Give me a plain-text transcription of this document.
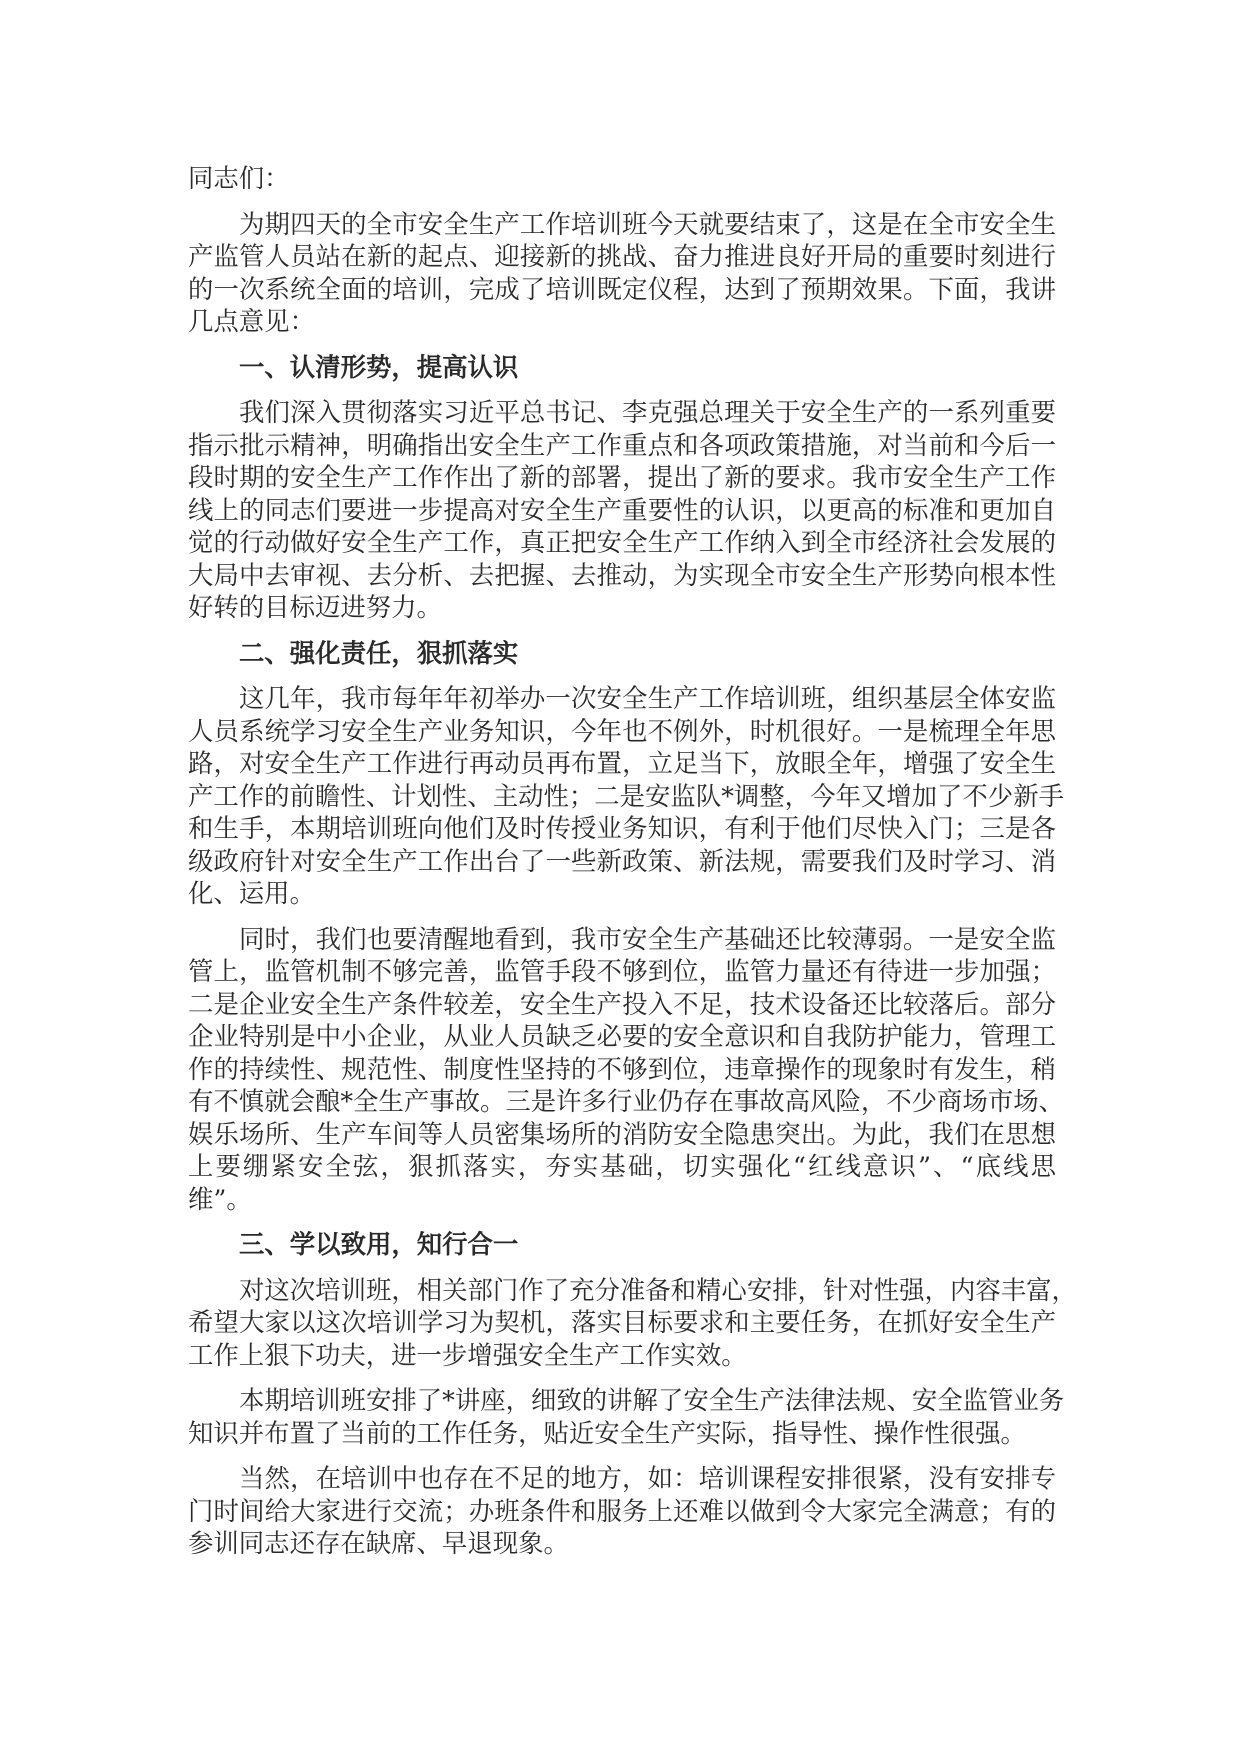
同志们：
为期四天的全市安全生产工作培训班今天就要结束了，这是在全市安全生
产监管人员站在新的起点、迎接新的挑战、奋力推进良好开局的重要时刻进行
的一次系统全面的培训，完成了培训既定仪程，达到了预期效果。下面，我讲
几点意见：
一、认清形势，提高认识
我们深入贯彻落实习近平总书记、李克强总理关于安全生产的一系列重要
指示批示精神，明确指出安全生产工作重点和各项政策措施，对当前和今后一
段时期的安全生产工作作出了新的部署，提出了新的要求。我市安全生产工作
线上的同志们要进一步提高对安全生产重要性的认识，以更高的标准和更加自
觉的行动做好安全生产工作，真正把安全生产工作纳入到全市经济社会发展的
大局中去审视、去分析、去把握、去推动，为实现全市安全生产形势向根本性
好转的目标迈进努力。
二、强化责任，狠抓落实
这几年，我市每年年初举办一次安全生产工作培训班，组织基层全体安监
人员系统学习安全生产业务知识，今年也不例外，时机很好。一是梳理全年思
路，对安全生产工作进行再动员再布置，立足当下，放眼全年，增强了安全生
产工作的前瞻性、计划性、主动性；二是安监队*调整，今年又增加了不少新手
和生手，本期培训班向他们及时传授业务知识，有利于他们尽快入门；三是各
级政府针对安全生产工作出台了一些新政策、新法规，需要我们及时学习、消
化、运用。
同时，我们也要清醒地看到，我市安全生产基础还比较薄弱。一是安全监
管上，监管机制不够完善，监管手段不够到位，监管力量还有待进一步加强；
二是企业安全生产条件较差，安全生产投入不足，技术设备还比较落后。部分
企业特别是中小企业，从业人员缺乏必要的安全意识和自我防护能力，管理工
作的持续性、规范性、制度性坚持的不够到位，违章操作的现象时有发生，稍
有不慎就会酿*全生产事故。三是许多行业仍存在事故高风险，不少商场市场、
娱乐场所、生产车间等人员密集场所的消防安全隐患突出。为此，我们在思想
上要绷紧安全弦，狠抓落实，夯实基础，切实强化“红线意识”、“底线思
维”。
三、学以致用，知行合一
对这次培训班，相关部门作了充分准备和精心安排，针对性强，内容丰富，
希望大家以这次培训学习为契机，落实目标要求和主要任务，在抓好安全生产
工作上狠下功夫，进一步增强安全生产工作实效。
本期培训班安排了*讲座，细致的讲解了安全生产法律法规、安全监管业务
知识并布置了当前的工作任务，贴近安全生产实际，指导性、操作性很强。
当然，在培训中也存在不足的地方，如：培训课程安排很紧，没有安排专
门时间给大家进行交流；办班条件和服务上还难以做到令大家完全满意；有的
参训同志还存在缺席、早退现象。
